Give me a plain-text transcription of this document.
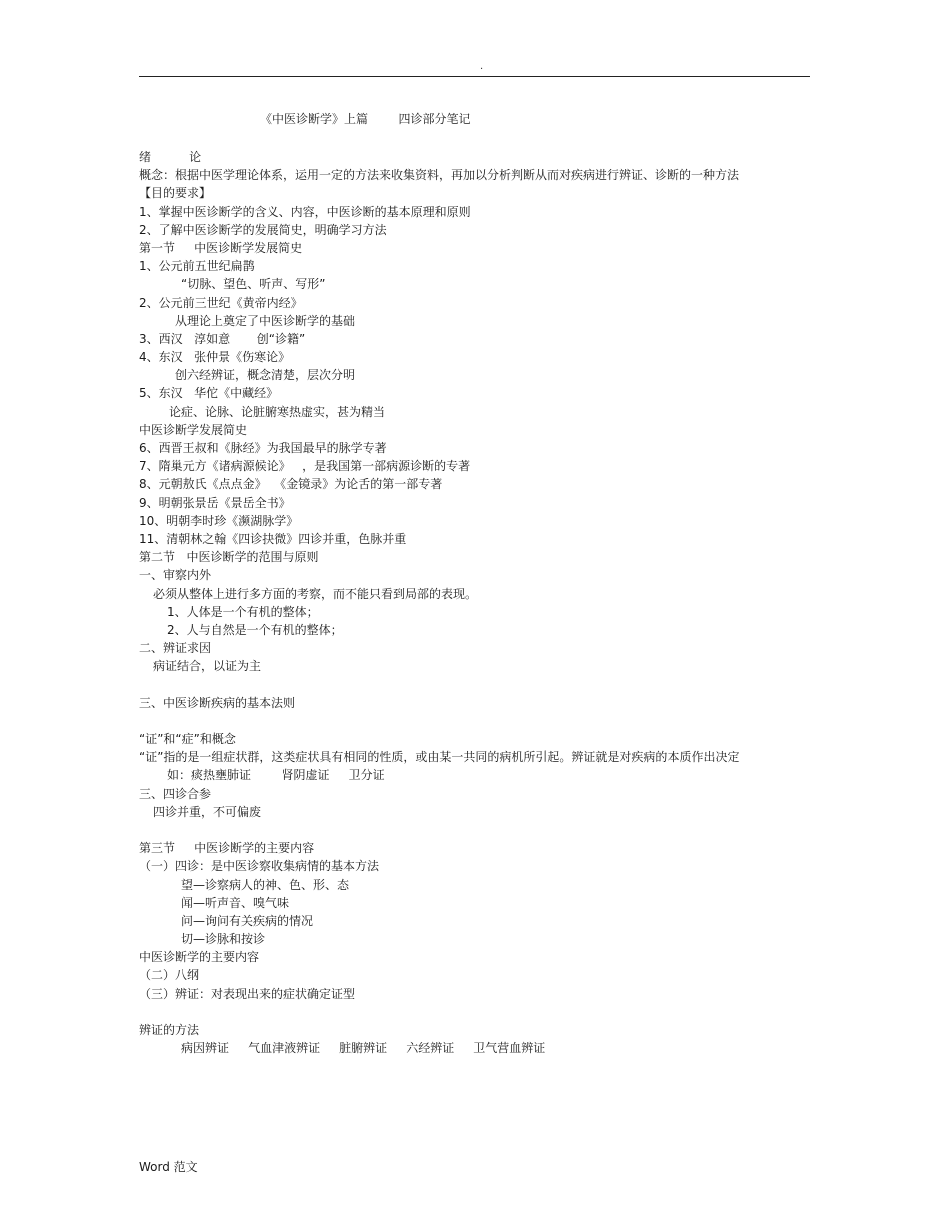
.
《中医诊断学》上篇        四诊部分笔记
绪          论
概念：根据中医学理论体系，运用一定的方法来收集资料，再加以分析判断从而对疾病进行辨证、诊断的一种方法
【目的要求】
1、掌握中医诊断学的含义、内容，中医诊断的基本原理和原则
2、了解中医诊断学的发展简史，明确学习方法
第一节     中医诊断学发展简史
1、公元前五世纪扁鹊
“切脉、望色、听声、写形”
2、公元前三世纪《黄帝内经》
从理论上奠定了中医诊断学的基础
3、西汉   淳如意       创“诊籍”
4、东汉   张仲景《伤寒论》
创六经辨证，概念清楚，层次分明
5、东汉   华佗《中藏经》
论症、论脉、论脏腑寒热虚实，甚为精当
中医诊断学发展简史
6、西晋王叔和《脉经》为我国最早的脉学专著
7、隋巢元方《诸病源候论》   ，是我国第一部病源诊断的专著
8、元朝敖氏《点点金》  《金镜录》为论舌的第一部专著
9、明朝张景岳《景岳全书》
10、明朝李时珍《濒湖脉学》
11、清朝林之翰《四诊抉微》四诊并重，色脉并重
第二节   中医诊断学的范围与原则
一、审察内外
必须从整体上进行多方面的考察，而不能只看到局部的表现。
1、人体是一个有机的整体；
2、人与自然是一个有机的整体；
二、辨证求因
病证结合，以证为主
三、中医诊断疾病的基本法则
“证”和“症”和概念
“证”指的是一组症状群，这类症状具有相同的性质，或由某一共同的病机所引起。辨证就是对疾病的本质作出决定
如：痰热壅肺证        肾阴虚证     卫分证
三、四诊合参
四诊并重，不可偏废
第三节     中医诊断学的主要内容
（一）四诊：是中医诊察收集病情的基本方法
望—诊察病人的神、色、形、态
闻—听声音、嗅气味
问—询问有关疾病的情况
切—诊脉和按诊
中医诊断学的主要内容
（二）八纲
（三）辨证：对表现出来的症状确定证型
辨证的方法
病因辨证     气血津液辨证     脏腑辨证     六经辨证     卫气营血辨证
Word 范文
